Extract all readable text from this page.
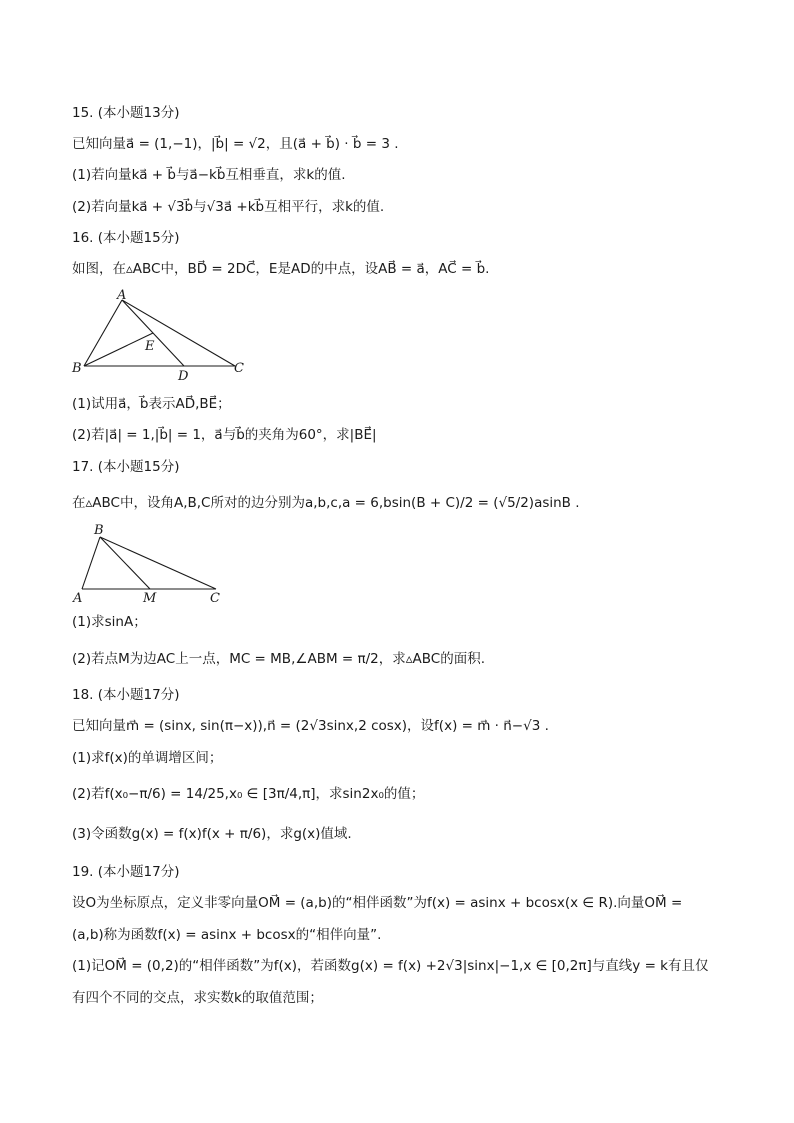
15. (本小题13分)
已知向量a⃗ = (1,−1)，|b⃗| = √2，且(a⃗ + b⃗) · b⃗ = 3 .
(1)若向量ka⃗ + b⃗与a⃗−kb⃗互相垂直，求k的值.
(2)若向量ka⃗ + √3b⃗与√3a⃗ +kb⃗互相平行，求k的值.
16. (本小题15分)
如图，在▵ABC中，BD⃗ = 2DC⃗，E是AD的中点，设AB⃗ = a⃗，AC⃗ = b⃗.
A
B	C
D
E
(1)试用a⃗，b⃗表示AD⃗,BE⃗；
(2)若|a⃗| = 1,|b⃗| = 1，a⃗与b⃗的夹角为60°，求|BE⃗|
17. (本小题15分)
在▵ABC中，设角A,B,C所对的边分别为a,b,c,a = 6,bsin(B + C)/2 = (√5/2)asinB .
B
A	M	C
(1)求sinA；
(2)若点M为边AC上一点，MC = MB,∠ABM = π/2，求▵ABC的面积.
18. (本小题17分)
已知向量m⃗ = (sinx, sin(π−x)),n⃗ = (2√3sinx,2 cosx)，设f(x) = m⃗ · n⃗−√3 .
(1)求f(x)的单调增区间；
(2)若f(x₀−π/6) = 14/25,x₀ ∈ [3π/4,π]，求sin2x₀的值；
(3)令函数g(x) = f(x)f(x + π/6)，求g(x)值域.
19. (本小题17分)
设O为坐标原点，定义非零向量OM⃗ = (a,b)的“相伴函数”为f(x) = asinx + bcosx(x ∈ R).向量OM⃗ =
(a,b)称为函数f(x) = asinx + bcosx的“相伴向量”.
(1)记OM⃗ = (0,2)的“相伴函数”为f(x)，若函数g(x) = f(x) +2√3|sinx|−1,x ∈ [0,2π]与直线y = k有且仅
有四个不同的交点，求实数k的取值范围；
